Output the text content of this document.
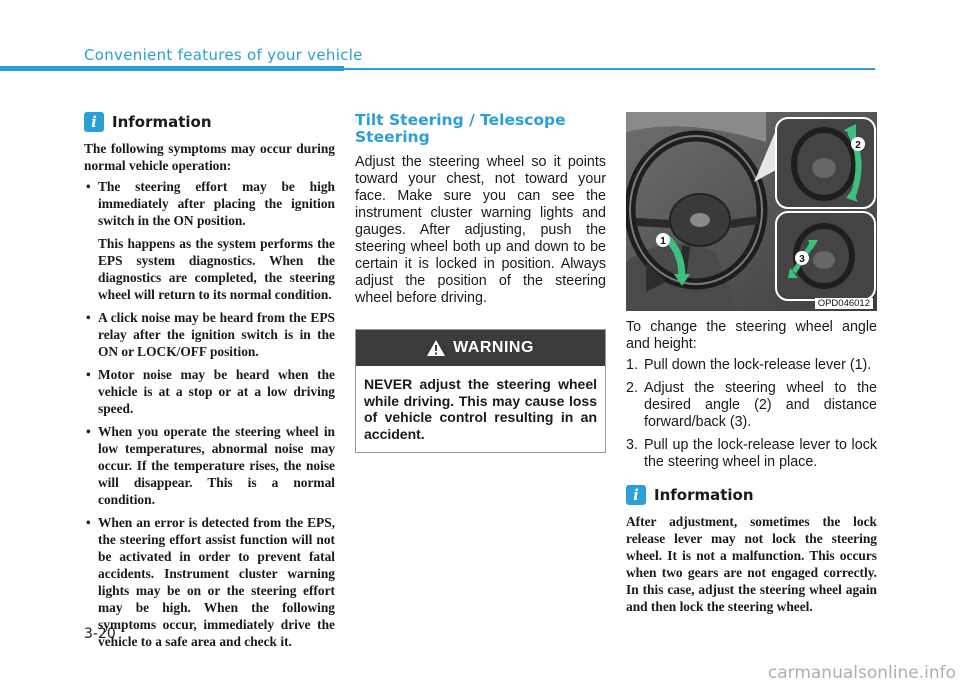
Convenient features of your vehicle
i	Information

The following symptoms may occur during normal vehicle operation:

• The steering effort may be high immediately after placing the ignition switch in the ON position.
This happens as the system performs the EPS system diagnostics. When the diagnostics are completed, the steering wheel will return to its normal condition.
• A click noise may be heard from the EPS relay after the ignition switch is in the ON or LOCK/OFF position.
• Motor noise may be heard when the vehicle is at a stop or at a low driving speed.
• When you operate the steering wheel in low temperatures, abnormal noise may occur. If the temperature rises, the noise will disappear. This is a normal condition.
• When an error is detected from the EPS, the steering effort assist function will not be activated in order to prevent fatal accidents. Instrument cluster warning lights may be on or the steering effort may be high. When the following symptoms occur, immediately drive the vehicle to a safe area and check it.
Tilt Steering / Telescope Steering
Adjust the steering wheel so it points toward your chest, not toward your face. Make sure you can see the instrument cluster warning lights and gauges. After adjusting, push the steering wheel both up and down to be certain it is locked in position. Always adjust the position of the steering wheel before driving.
WARNING
NEVER adjust the steering wheel while driving. This may cause loss of vehicle control resulting in an accident.
1
2
3
OPD046012
To change the steering wheel angle and height:
1. Pull down the lock-release lever (1).
2. Adjust the steering wheel to the desired angle (2) and distance forward/back (3).
3. Pull up the lock-release lever to lock the steering wheel in place.
i	Information
After adjustment, sometimes the lock release lever may not lock the steering wheel. It is not a malfunction. This occurs when two gears are not engaged correctly. In this case, adjust the steering wheel again and then lock the steering wheel.
3-20
carmanualsonline.info
